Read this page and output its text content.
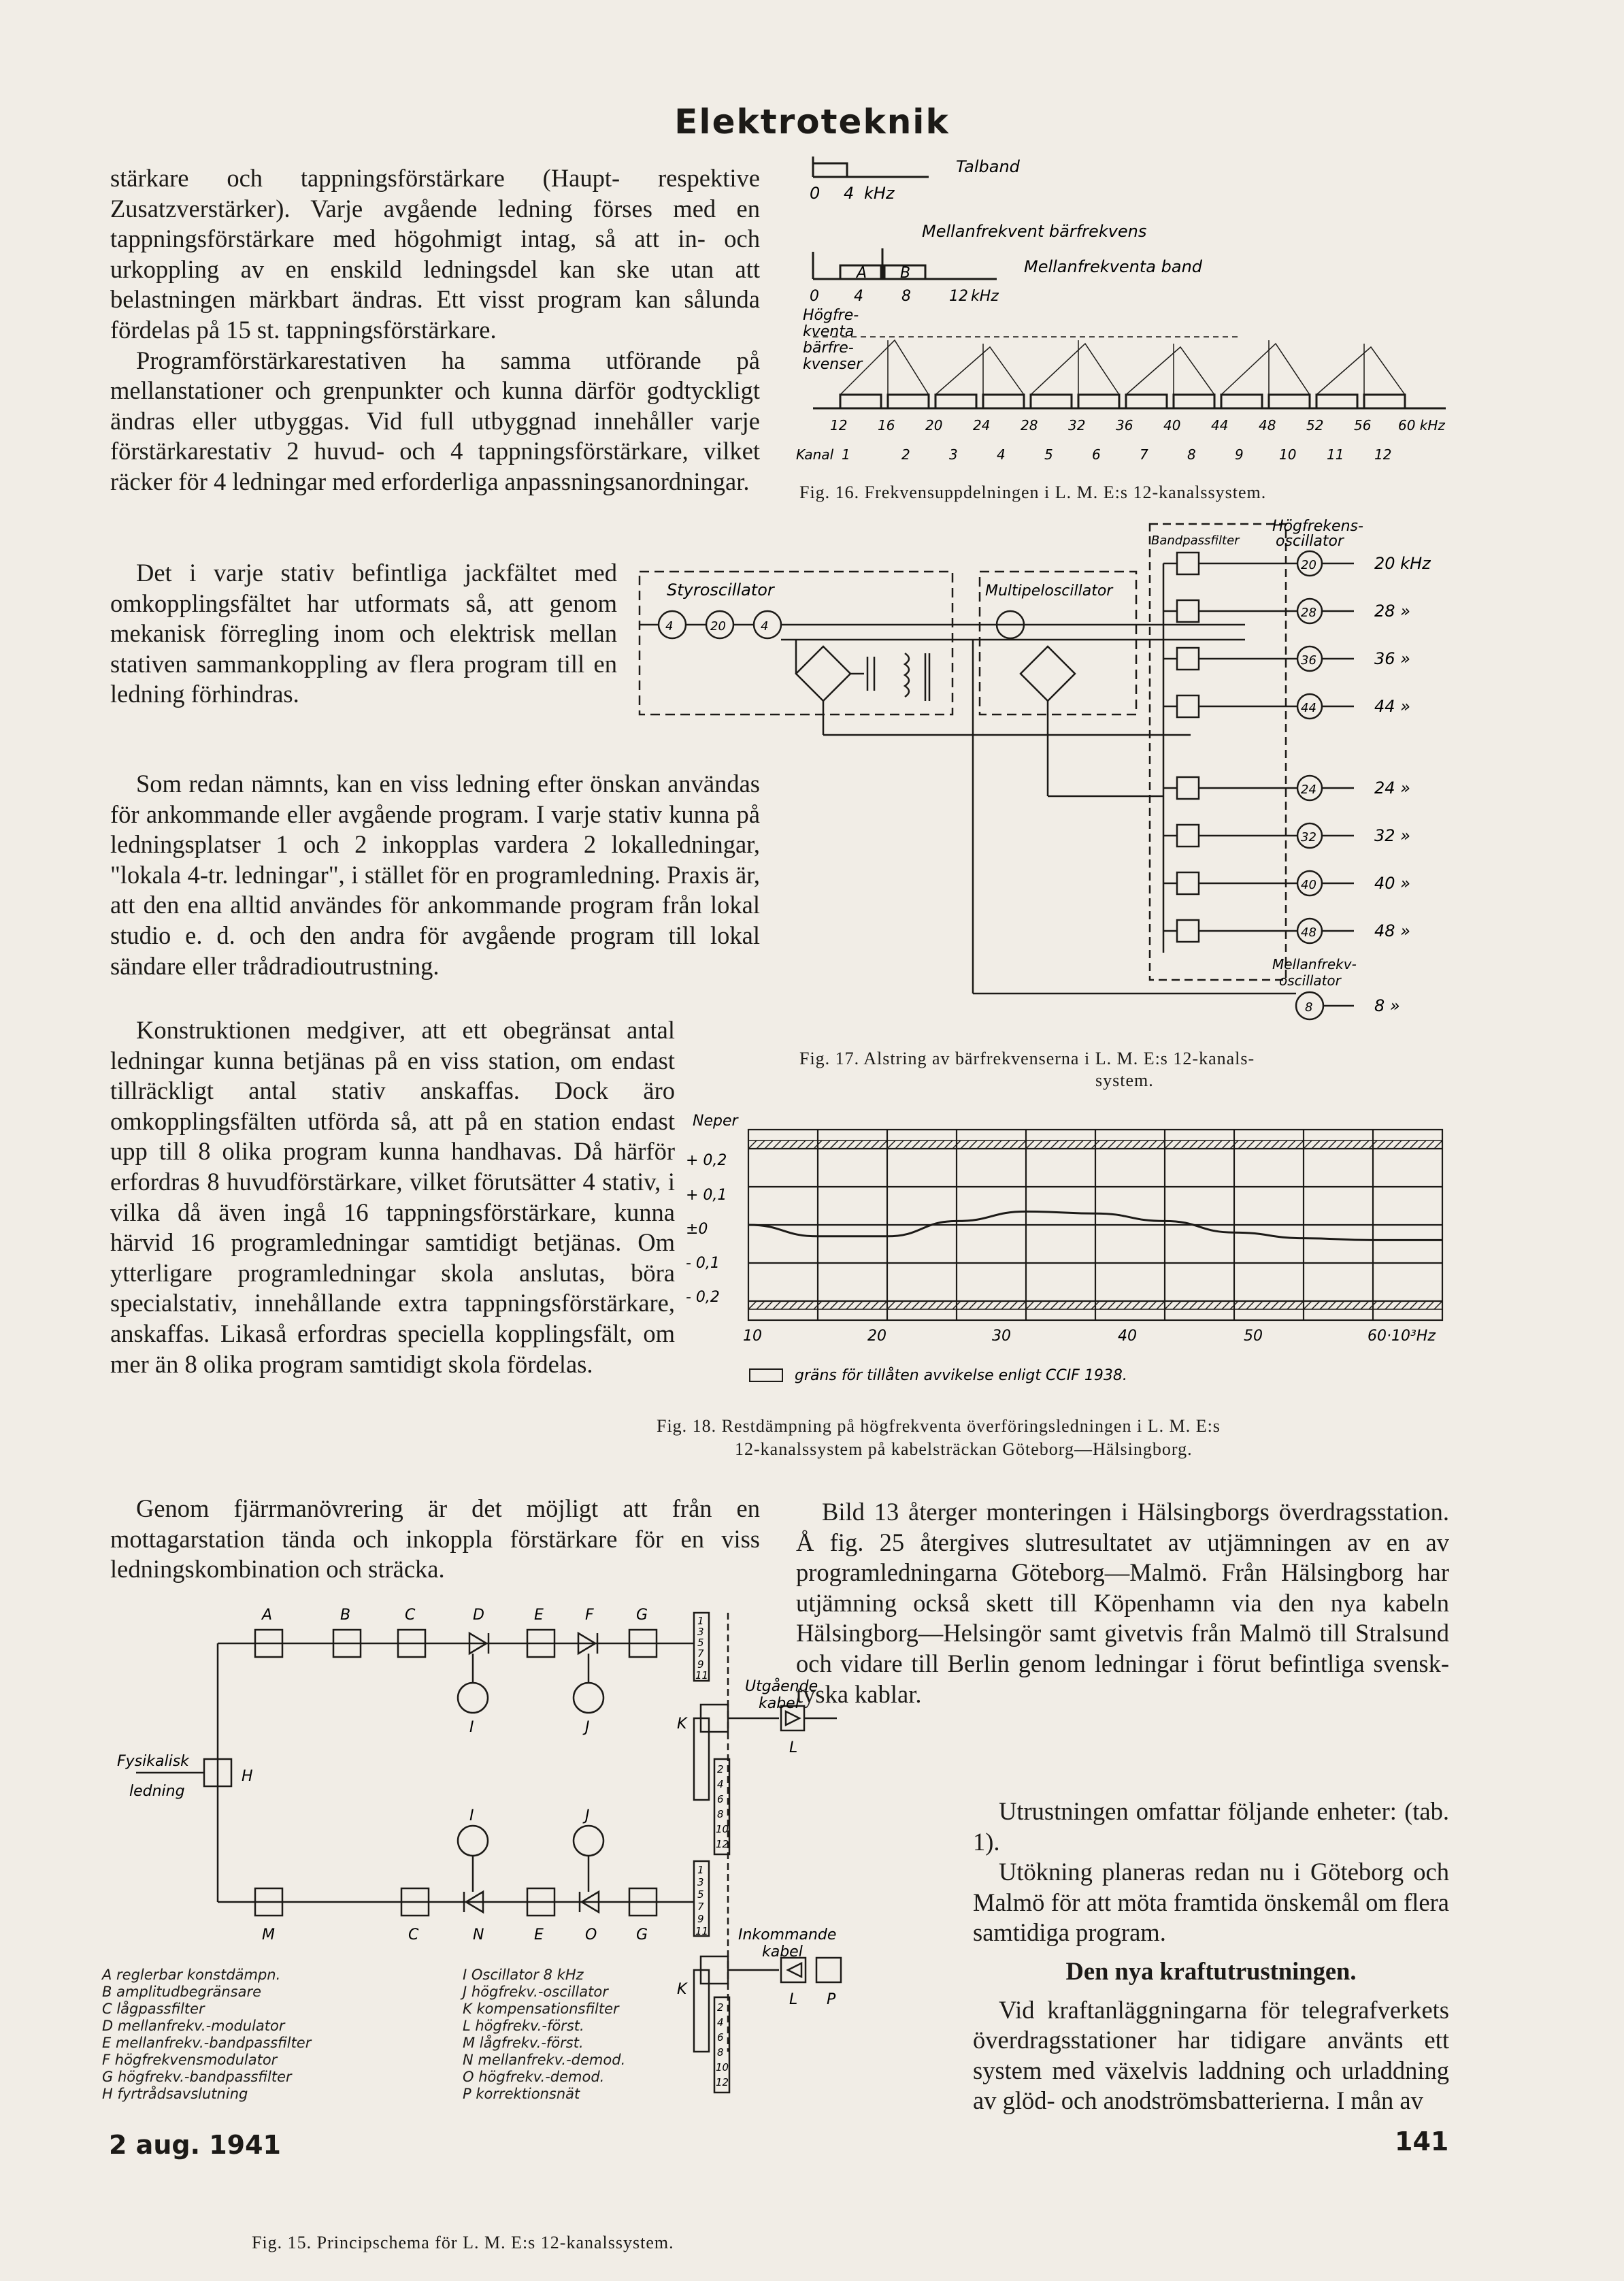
Elektroteknik

stärkare och tappningsförstärkare (Haupt- respektive Zusatzverstärker). Varje avgående ledning förses med en tappningsförstärkare med högohmigt intag, så att in- och urkoppling av en enskild ledningsdel kan ske utan att belastningen märkbart ändras. Ett visst program kan sålunda fördelas på 15 st. tappningsförstärkare.

Programförstärkarestativen ha samma utförande på mellanstationer och grenpunkter och kunna därför godtyckligt ändras eller utbyggas. Vid full utbyggnad innehåller varje förstärkarestativ 2 huvud- och 4 tappningsförstärkare, vilket räcker för 4 ledningar med erforderliga anpassningsanordningar.

Det i varje stativ befintliga jackfältet med omkopplingsfältet har utformats så, att genom mekanisk förregling inom och elektrisk mellan stativen sammankoppling av flera program till en ledning förhindras.

Som redan nämnts, kan en viss ledning efter önskan användas för ankommande eller avgående program. I varje stativ kunna på ledningsplatser 1 och 2 inkopplas vardera 2 lokalledningar, "lokala 4-tr. ledningar", i stället för en programledning. Praxis är, att den ena alltid användes för ankommande program från lokal studio e. d. och den andra för avgående program till lokal sändare eller trådradioutrustning.

Konstruktionen medgiver, att ett obegränsat antal ledningar kunna betjänas på en viss station, om endast tillräckligt antal stativ anskaffas. Dock äro omkopplingsfälten utförda så, att på en station endast upp till 8 olika program kunna handhavas. Då härför erfordras 8 huvudförstärkare, vilket förutsätter 4 stativ, i vilka då även ingå 16 tappningsförstärkare, kunna härvid 16 programledningar samtidigt betjänas. Om ytterligare programledningar skola anslutas, böra specialstativ, innehållande extra tappningsförstärkare, anskaffas. Likaså erfordras speciella kopplingsfält, om mer än 8 olika program samtidigt skola fördelas.

Genom fjärrmanövrering är det möjligt att från en mottagarstation tända och inkoppla förstärkare för en viss ledningskombination och sträcka.

Talband
0 4 kHz
Mellanfrekvent bärfrekvens
A B	Mellanfrekventa band
0 4	8	12 kHz
Högfre-
kventa
bärfre-
kvenser
12 16 20 24 28 32 36 40 44 48 52 56 60 kHz
Kanal 1	2	3	4	5	6	7	8	9	10 11 12
Fig. 16. Frekvensuppdelningen i L. M. E:s 12-kanalssystem.
Styroscillator	Multipeloscillator
Bandpassfilter
Högfrekens-
oscillator
4	20	4
20
28
36
44
24
32
40
48
20 kHz
28 »
36 »
44 »
24 »
32 »
40 »
48 »
8 »
8
Mellanfrekv-
oscillator
Fig. 17. Alstring av bärfrekvenserna i L. M. E:s 12-kanals-
system.
Neper
+ 0,2
+ 0,1
±0
- 0,1
- 0,2
10	20	30	40	50	60·10³Hz
gräns för tillåten avvikelse enligt CCIF 1938.
Fig. 18. Restdämpning på högfrekventa överföringsledningen i L. M. E:s
12-kanalssystem på kabelsträckan Göteborg—Hälsingborg.
A	B	C	D	E	F	G
M	C	N	E	O	G
I	J
I	J
K
K
L
L P
H
Fysikalisk
ledning
Utgående
kabel
Inkommande
kabel
1
3
5
7
9
11
2
4
6
8
10
12
1
3
5
7
9
11
2
4
6
8
10
12
A reglerbar konstdämpn.
B amplitudbegränsare
C lågpassfilter
D mellanfrekv.-modulator
E mellanfrekv.-bandpassfilter
F högfrekvensmodulator
G högfrekv.-bandpassfilter
H fyrtrådsavslutning
I Oscillator 8 kHz
J högfrekv.-oscillator
K kompensationsfilter
L högfrekv.-först.
M lågfrekv.-först.
N mellanfrekv.-demod.
O högfrekv.-demod.
P korrektionsnät
Fig. 15. Principschema för L. M. E:s 12-kanalssystem.

Bild 13 återger monteringen i Hälsingborgs överdragsstation. Å fig. 25 återgives slutresultatet av utjämningen av en av programledningarna Göteborg—Malmö. Från Hälsingborg har utjämning också skett till Köpenhamn via den nya kabeln Hälsingborg—Helsingör samt givetvis från Malmö till Stralsund och vidare till Berlin genom ledningar i förut befintliga svensk-tyska kablar.

Utrustningen omfattar följande enheter: (tab. 1).

Utökning planeras redan nu i Göteborg och Malmö för att möta framtida önskemål om flera samtidiga program.

Den nya kraftutrustningen.

Vid kraftanläggningarna för telegrafverkets överdragsstationer har tidigare använts ett system med växelvis laddning och urladdning av glöd- och anodströmsbatterierna. I mån av

2 aug. 1941	141
